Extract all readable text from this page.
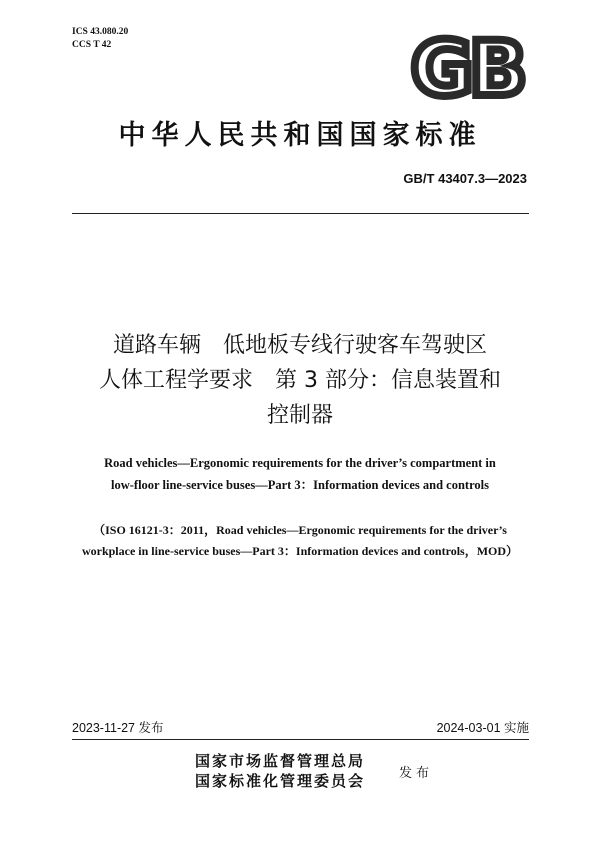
ICS 43.080.20
CCS T 42	GB
中华人民共和国国家标准
GB/T 43407.3—2023
道路车辆　低地板专线行驶客车驾驶区
人体工程学要求　第 3 部分：信息装置和
控制器
Road vehicles—Ergonomic requirements for the driver’s compartment in
low-floor line-service buses—Part 3：Information devices and controls
（ISO 16121-3：2011，Road vehicles—Ergonomic requirements for the driver’s
workplace in line-service buses—Part 3：Information devices and controls，MOD）
2023-11-27 发布	2024-03-01 实施
国家市场监督管理总局
国家标准化管理委员会	发布
